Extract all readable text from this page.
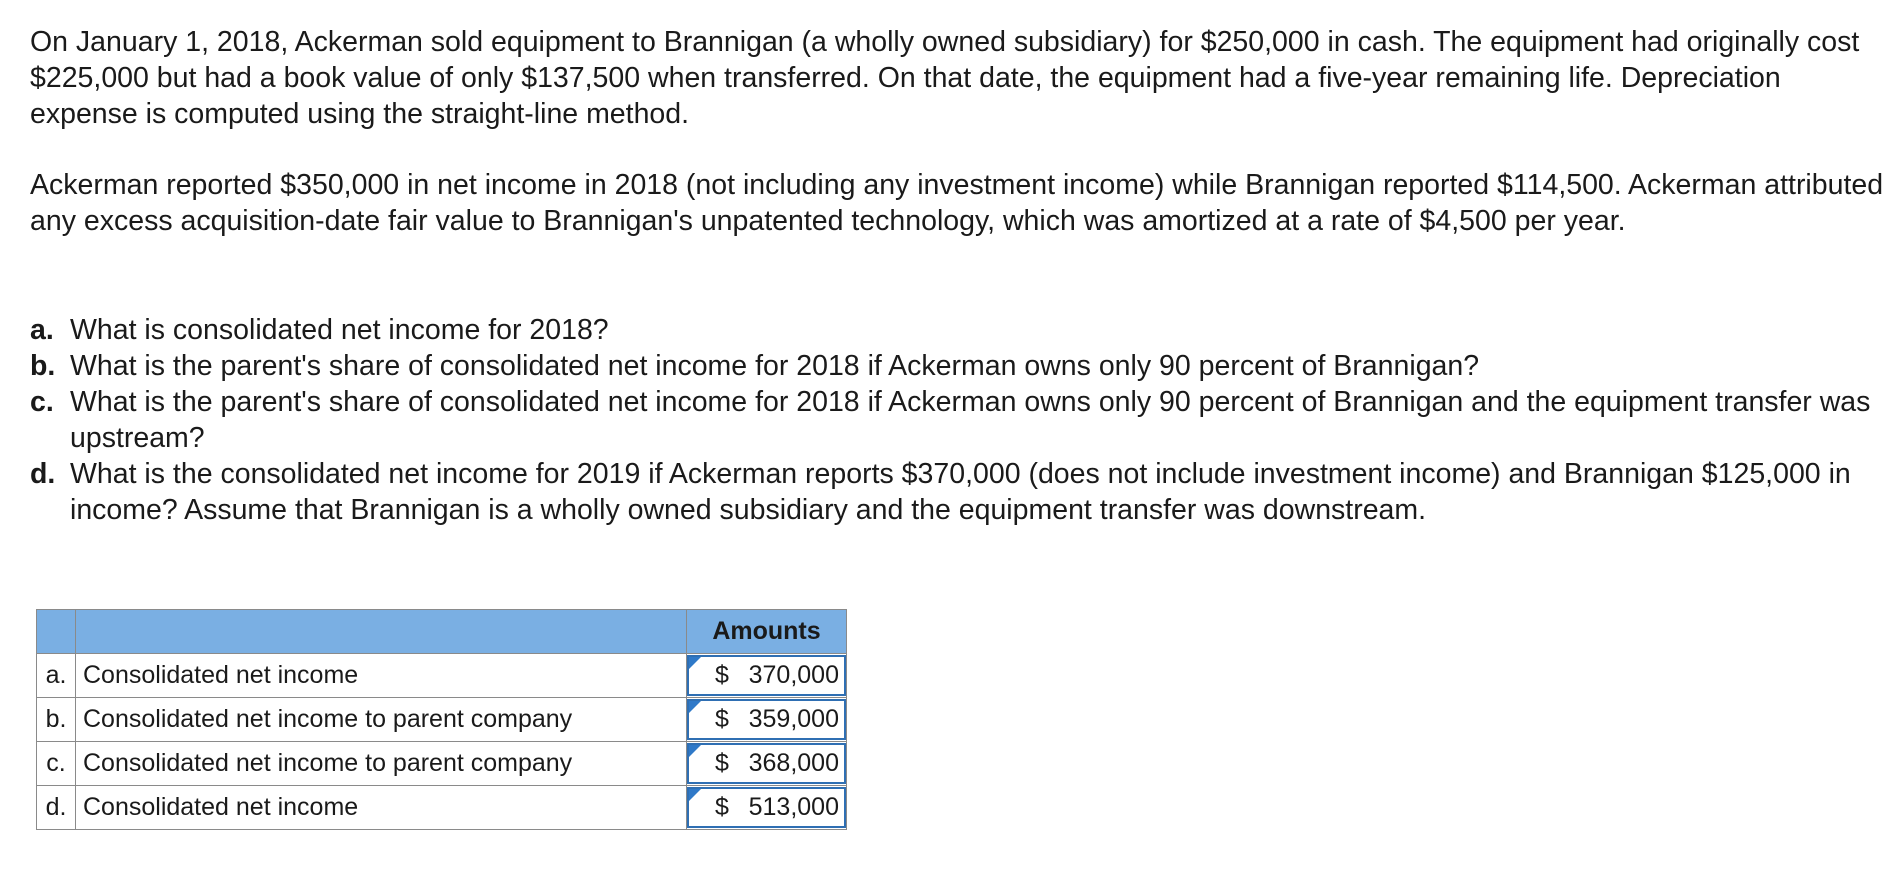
On January 1, 2018, Ackerman sold equipment to Brannigan (a wholly owned subsidiary) for $250,000 in cash. The equipment had originally cost $225,000 but had a book value of only $137,500 when transferred. On that date, the equipment had a five-year remaining life. Depreciation expense is computed using the straight-line method.

Ackerman reported $350,000 in net income in 2018 (not including any investment income) while Brannigan reported $114,500. Ackerman attributed any excess acquisition-date fair value to Brannigan's unpatented technology, which was amortized at a rate of $4,500 per year.

a. What is consolidated net income for 2018?
b. What is the parent's share of consolidated net income for 2018 if Ackerman owns only 90 percent of Brannigan?
c. What is the parent's share of consolidated net income for 2018 if Ackerman owns only 90 percent of Brannigan and the equipment transfer was upstream?
d. What is the consolidated net income for 2019 if Ackerman reports $370,000 (does not include investment income) and Brannigan $125,000 in income? Assume that Brannigan is a wholly owned subsidiary and the equipment transfer was downstream.
		Amounts
a.	Consolidated net income	$ 370,000

b.	Consolidated net income to parent company	$ 359,000

c.	Consolidated net income to parent company	$ 368,000

d.	Consolidated net income	$ 513,000
